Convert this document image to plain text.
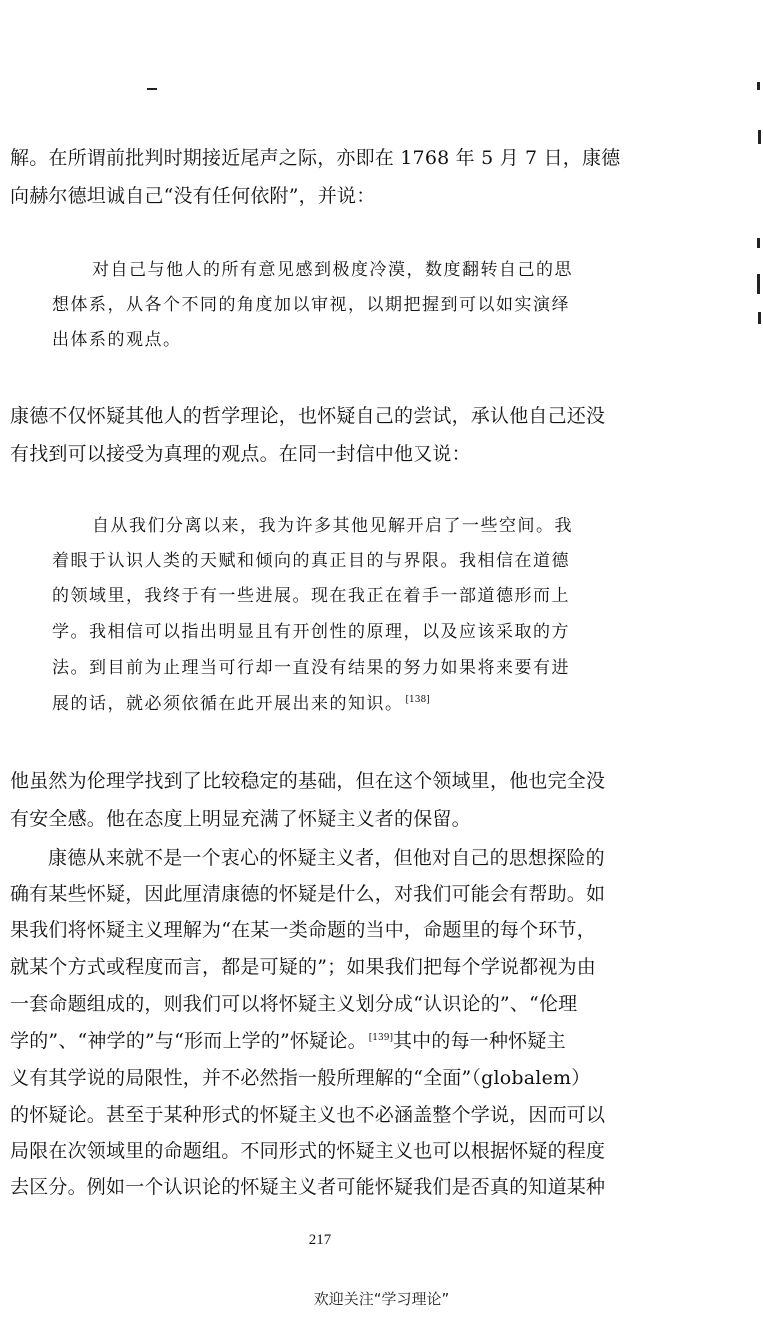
解。在所谓前批判时期接近尾声之际，亦即在 1768 年 5 月 7 日，康德
向赫尔德坦诚自己“没有任何依附”，并说：
对自己与他人的所有意见感到极度冷漠，数度翻转自己的思
想体系，从各个不同的角度加以审视，以期把握到可以如实演绎
出体系的观点。
康德不仅怀疑其他人的哲学理论，也怀疑自己的尝试，承认他自己还没
有找到可以接受为真理的观点。在同一封信中他又说：
自从我们分离以来，我为许多其他见解开启了一些空间。我
着眼于认识人类的天赋和倾向的真正目的与界限。我相信在道德
的领域里，我终于有一些进展。现在我正在着手一部道德形而上
学。我相信可以指出明显且有开创性的原理，以及应该采取的方
法。到目前为止理当可行却一直没有结果的努力如果将来要有进
展的话，就必须依循在此开展出来的知识。 [138]
他虽然为伦理学找到了比较稳定的基础，但在这个领域里，他也完全没
有安全感。他在态度上明显充满了怀疑主义者的保留。
康德从来就不是一个衷心的怀疑主义者，但他对自己的思想探险的
确有某些怀疑，因此厘清康德的怀疑是什么，对我们可能会有帮助。如
果我们将怀疑主义理解为“在某一类命题的当中，命题里的每个环节，
就某个方式或程度而言，都是可疑的”；如果我们把每个学说都视为由
一套命题组成的，则我们可以将怀疑主义划分成“认识论的”、“伦理
学的”、“神学的”与“形而上学的”怀疑论。 [139]其中的每一种怀疑主
义有其学说的局限性，并不必然指一般所理解的“全面”（globalem）
的怀疑论。甚至于某种形式的怀疑主义也不必涵盖整个学说，因而可以
局限在次领域里的命题组。不同形式的怀疑主义也可以根据怀疑的程度
去区分。例如一个认识论的怀疑主义者可能怀疑我们是否真的知道某种
217
欢迎关注“学习理论”
